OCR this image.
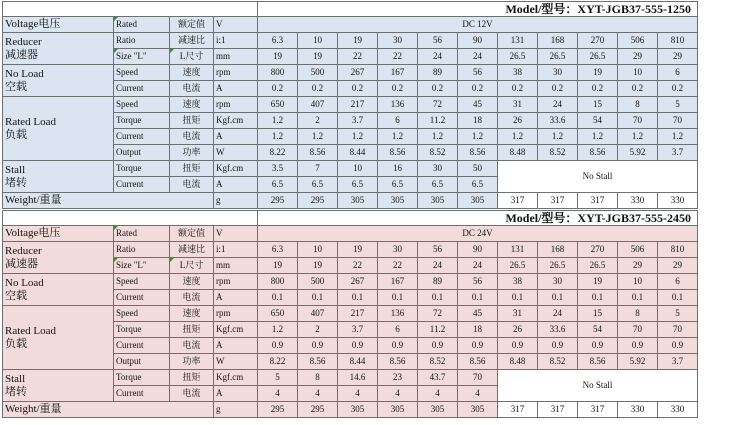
				Model/型号：XYT-JGB37-555-1250										
Voltage电压	Rated	额定值	V	DC 12V										

Reducer
减速器	Ratio	减速比	i:1	6.3	10	19	30	56	90	131	168	270	506	810
	Size "L"	L尺寸	mm	19	19	22	22	24	24	26.5	26.5	26.5	29	29

No Load
空载	Speed	速度	rpm	800	500	267	167	89	56	38	30	19	10	6
	Current	电流	A	0.2	0.2	0.2	0.2	0.2	0.2	0.2	0.2	0.2	0.2	0.2

Rated Load
负载	Speed	速度	rpm	650	407	217	136	72	45	31	24	15	8	5
	Torque	扭矩	Kgf.cm	1.2	2	3.7	6	11.2	18	26	33.6	54	70	70
	Current	电流	A	1.2	1.2	1.2	1.2	1.2	1.2	1.2	1.2	1.2	1.2	1.2
	Output	功率	W	8.22	8.56	8.44	8.56	8.52	8.56	8.48	8.52	8.56	5.92	3.7

Stall
堵转	Torque	扭矩	Kgf.cm	3.5	7	10	16	30	50	No Stall				
	Current	电流	A	6.5	6.5	6.5	6.5	6.5	6.5					
Weight/重量			g	295	295	305	305	305	305	317	317	317	330	330
				Model/型号：XYT-JGB37-555-2450										
Voltage电压	Rated	额定值	V	DC 24V										

Reducer
减速器	Ratio	减速比	i:1	6.3	10	19	30	56	90	131	168	270	506	810
	Size "L"	L尺寸	mm	19	19	22	22	24	24	26.5	26.5	26.5	29	29

No Load
空载	Speed	速度	rpm	800	500	267	167	89	56	38	30	19	10	6
	Current	电流	A	0.1	0.1	0.1	0.1	0.1	0.1	0.1	0.1	0.1	0.1	0.1

Rated Load
负载	Speed	速度	rpm	650	407	217	136	72	45	31	24	15	8	5
	Torque	扭矩	Kgf.cm	1.2	2	3.7	6	11.2	18	26	33.6	54	70	70
	Current	电流	A	0.9	0.9	0.9	0.9	0.9	0.9	0.9	0.9	0.9	0.9	0.9
	Output	功率	W	8.22	8.56	8.44	8.56	8.52	8.56	8.48	8.52	8.56	5.92	3.7

Stall
堵转	Torque	扭矩	Kgf.cm	5	8	14.6	23	43.7	70	No Stall				
	Current	电流	A	4	4	4	4	4	4					
Weight/重量			g	295	295	305	305	305	305	317	317	317	330	330
